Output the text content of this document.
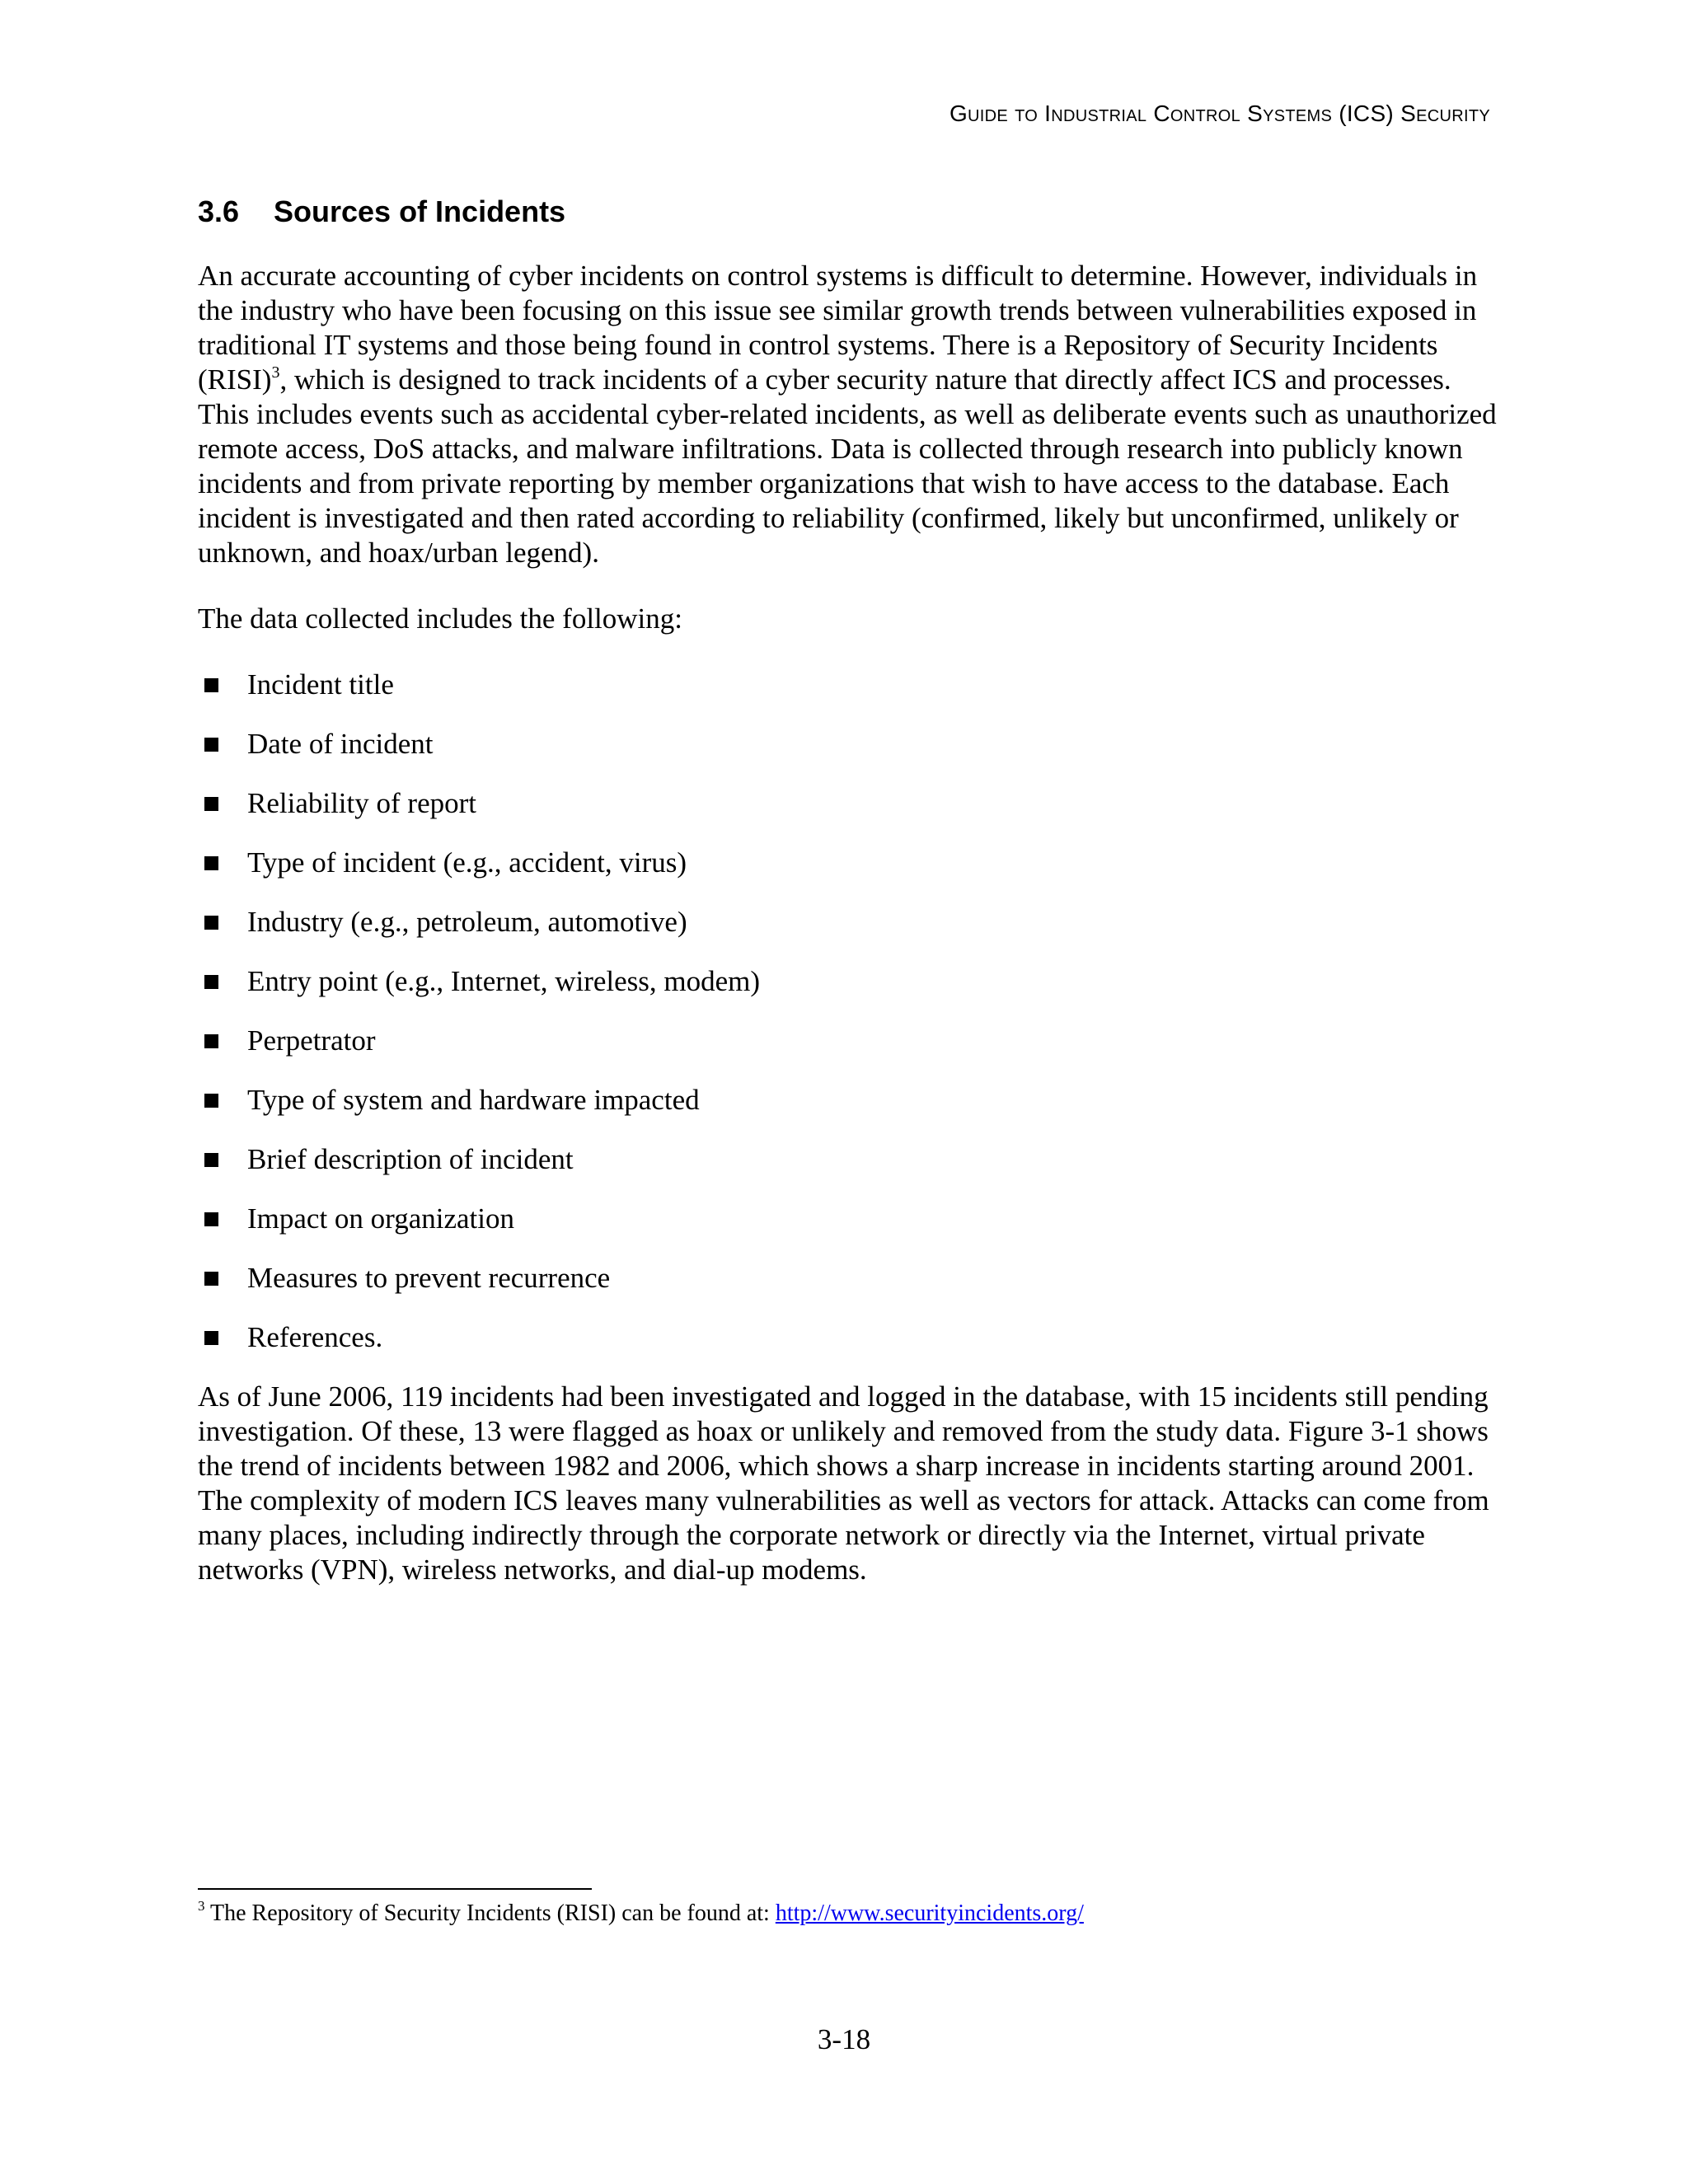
Guide to Industrial Control Systems (ICS) Security
3.6	Sources of Incidents

An accurate accounting of cyber incidents on control systems is difficult to determine. However, individuals in the industry who have been focusing on this issue see similar growth trends between vulnerabilities exposed in traditional IT systems and those being found in control systems. There is a Repository of Security Incidents (RISI)$^3$, which is designed to track incidents of a cyber security nature that directly affect ICS and processes. This includes events such as accidental cyber-related incidents, as well as deliberate events such as unauthorized remote access, DoS attacks, and malware infiltrations. Data is collected through research into publicly known incidents and from private reporting by member organizations that wish to have access to the database. Each incident is investigated and then rated according to reliability (confirmed, likely but unconfirmed, unlikely or unknown, and hoax/urban legend).

The data collected includes the following:

Incident title
Date of incident
Reliability of report
Type of incident (e.g., accident, virus)
Industry (e.g., petroleum, automotive)
Entry point (e.g., Internet, wireless, modem)
Perpetrator
Type of system and hardware impacted
Brief description of incident
Impact on organization
Measures to prevent recurrence
References.

As of June 2006, 119 incidents had been investigated and logged in the database, with 15 incidents still pending investigation. Of these, 13 were flagged as hoax or unlikely and removed from the study data. Figure 3-1 shows the trend of incidents between 1982 and 2006, which shows a sharp increase in incidents starting around 2001. The complexity of modern ICS leaves many vulnerabilities as well as vectors for attack. Attacks can come from many places, including indirectly through the corporate network or directly via the Internet, virtual private networks (VPN), wireless networks, and dial-up modems.

$^3$ The Repository of Security Incidents (RISI) can be found at: http://www.securityincidents.org/
3-18
